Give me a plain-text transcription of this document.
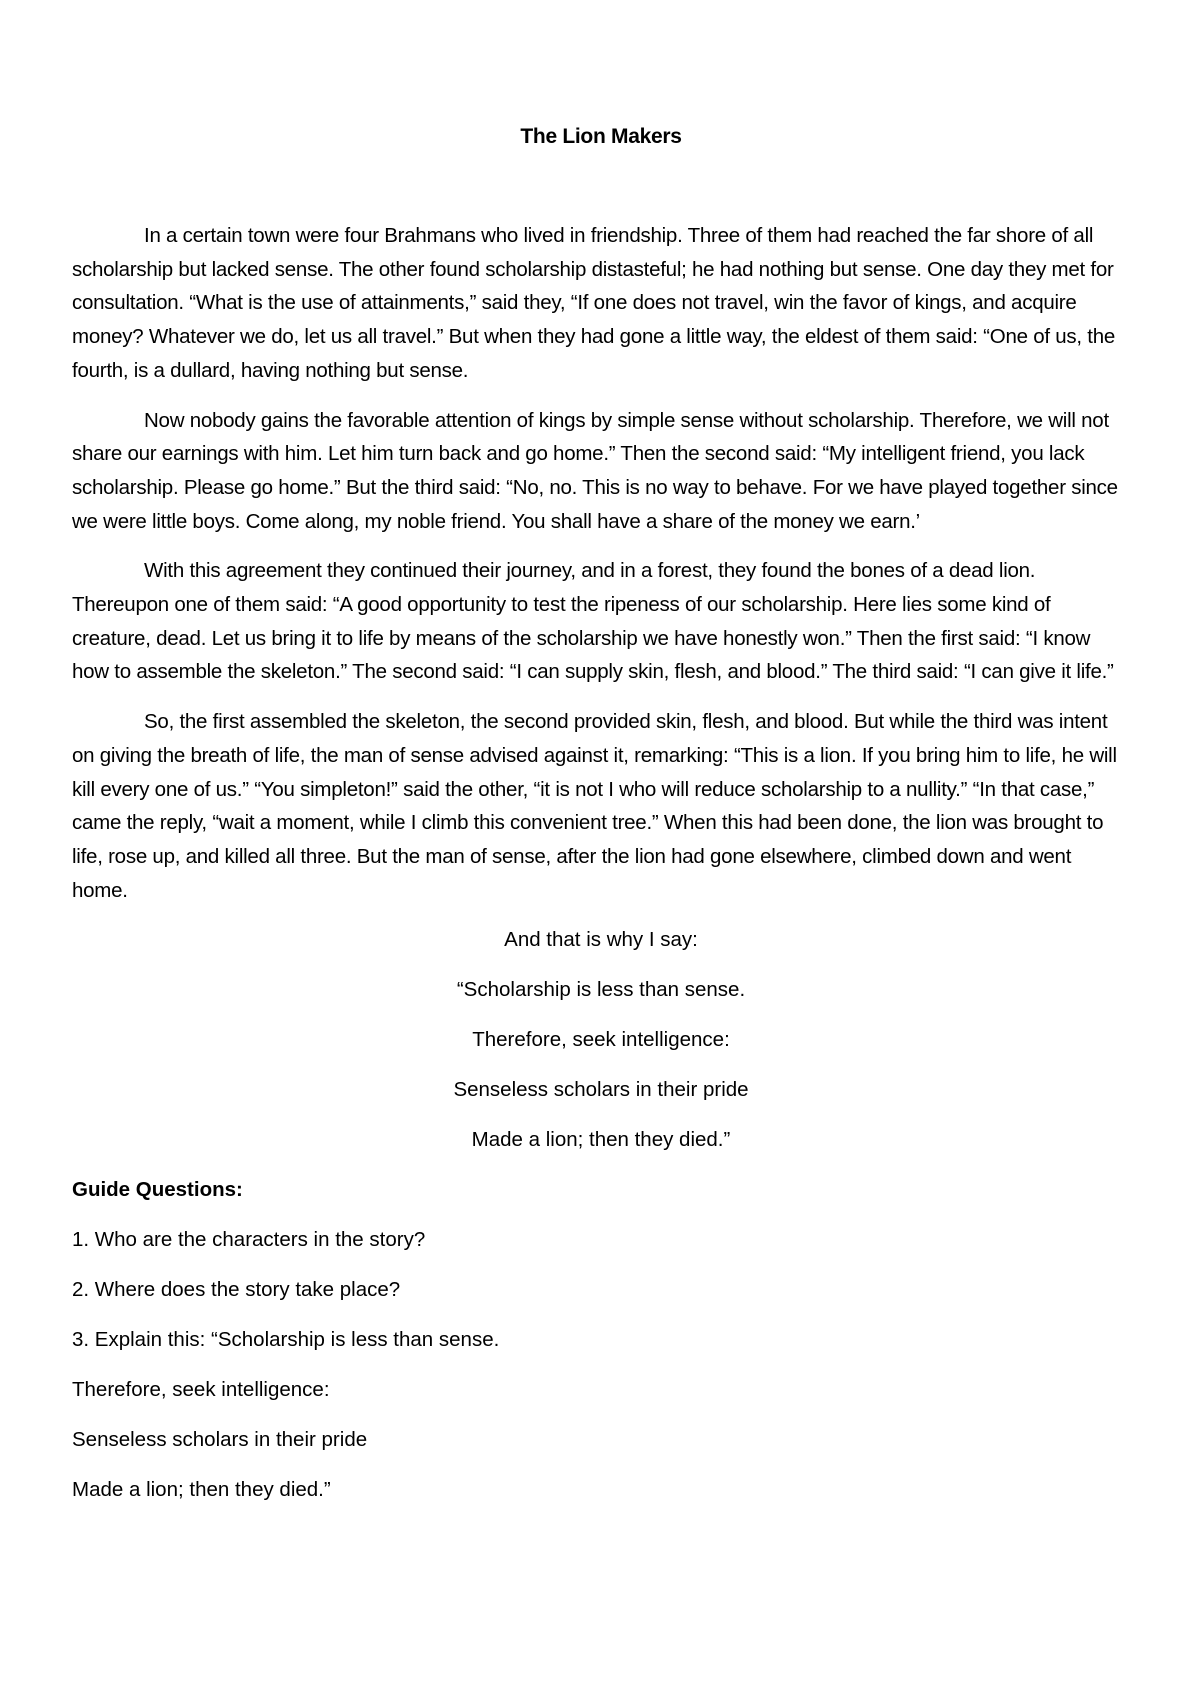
The Lion Makers

In a certain town were four Brahmans who lived in friendship. Three of them had reached the far shore of all scholarship but lacked sense. The other found scholarship distasteful; he had nothing but sense. One day they met for consultation. “What is the use of attainments,” said they, “If one does not travel, win the favor of kings, and acquire money? Whatever we do, let us all travel.” But when they had gone a little way, the eldest of them said: “One of us, the fourth, is a dullard, having nothing but sense.

Now nobody gains the favorable attention of kings by simple sense without scholarship. Therefore, we will not share our earnings with him. Let him turn back and go home.” Then the second said: “My intelligent friend, you lack scholarship. Please go home.” But the third said: “No, no. This is no way to behave. For we have played together since we were little boys. Come along, my noble friend. You shall have a share of the money we earn.’

With this agreement they continued their journey, and in a forest, they found the bones of a dead lion. Thereupon one of them said: “A good opportunity to test the ripeness of our scholarship. Here lies some kind of creature, dead. Let us bring it to life by means of the scholarship we have honestly won.” Then the first said: “I know how to assemble the skeleton.” The second said: “I can supply skin, flesh, and blood.” The third said: “I can give it life.”

So, the first assembled the skeleton, the second provided skin, flesh, and blood. But while the third was intent on giving the breath of life, the man of sense advised against it, remarking: “This is a lion. If you bring him to life, he will kill every one of us.” “You simpleton!” said the other, “it is not I who will reduce scholarship to a nullity.” “In that case,” came the reply, “wait a moment, while I climb this convenient tree.” When this had been done, the lion was brought to life, rose up, and killed all three. But the man of sense, after the lion had gone elsewhere, climbed down and went home.

And that is why I say:

“Scholarship is less than sense.

Therefore, seek intelligence:

Senseless scholars in their pride

Made a lion; then they died.”

Guide Questions:

1. Who are the characters in the story?

2. Where does the story take place?

3. Explain this: “Scholarship is less than sense.

Therefore, seek intelligence:

Senseless scholars in their pride

Made a lion; then they died.”
